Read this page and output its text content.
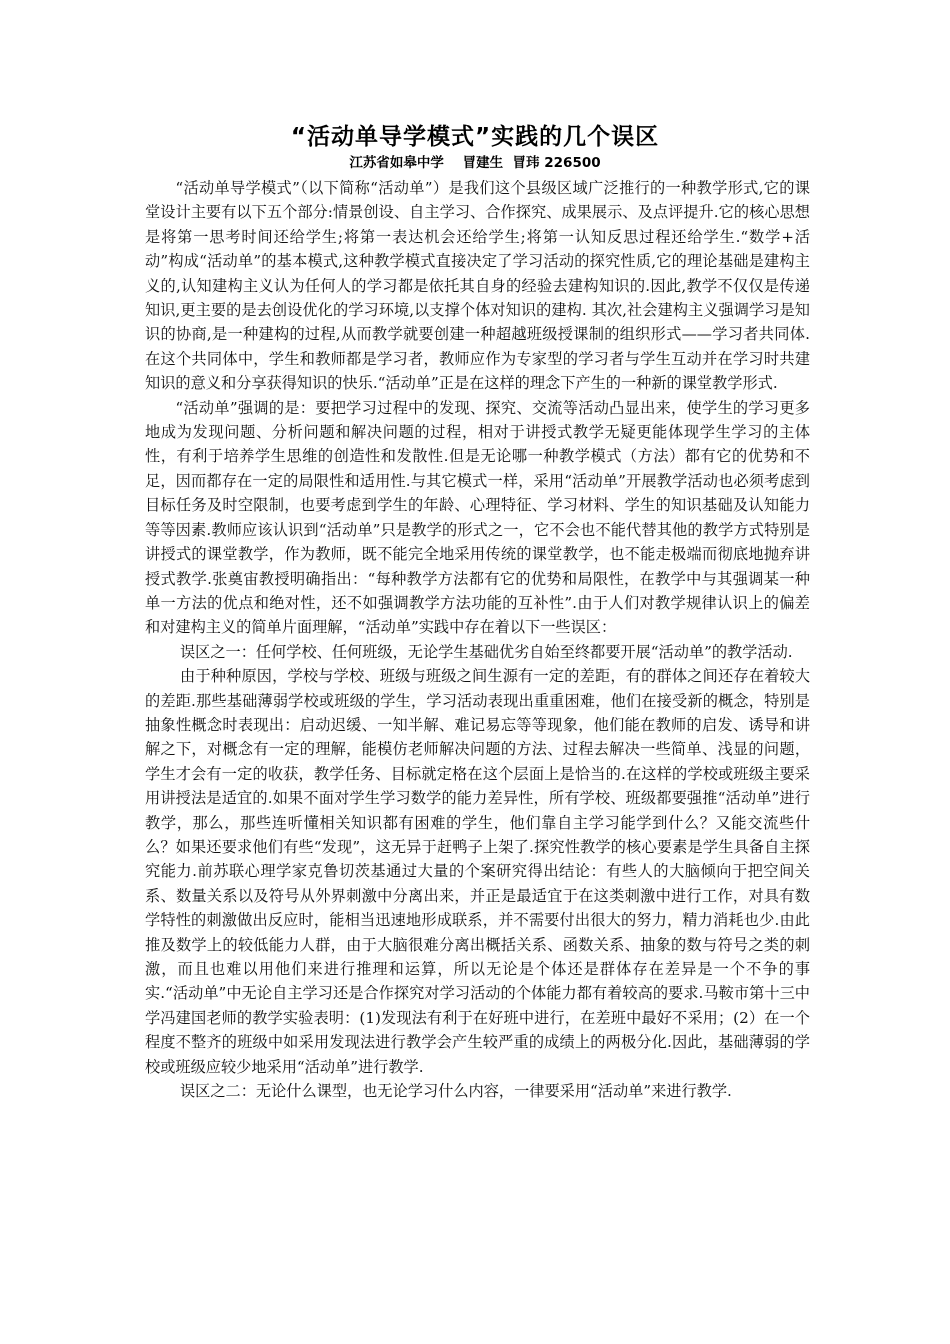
“活动单导学模式”实践的几个误区
江苏省如皋中学    冒建生  冒玮 226500

“活动单导学模式”（以下简称“活动单”）是我们这个县级区域广泛推行的一种教学形式,它的课堂设计主要有以下五个部分:情景创设、自主学习、合作探究、成果展示、及点评提升.它的核心思想是将第一思考时间还给学生;将第一表达机会还给学生;将第一认知反思过程还给学生.“数学+活动”构成“活动单”的基本模式,这种教学模式直接决定了学习活动的探究性质,它的理论基础是建构主义的,认知建构主义认为任何人的学习都是依托其自身的经验去建构知识的.因此,教学不仅仅是传递知识,更主要的是去创设优化的学习环境,以支撑个体对知识的建构. 其次,社会建构主义强调学习是知识的协商,是一种建构的过程,从而教学就要创建一种超越班级授课制的组织形式——学习者共同体.在这个共同体中，学生和教师都是学习者，教师应作为专家型的学习者与学生互动并在学习时共建知识的意义和分享获得知识的快乐.“活动单”正是在这样的理念下产生的一种新的课堂教学形式.

“活动单”强调的是：要把学习过程中的发现、探究、交流等活动凸显出来，使学生的学习更多地成为发现问题、分析问题和解决问题的过程，相对于讲授式教学无疑更能体现学生学习的主体性，有利于培养学生思维的创造性和发散性.但是无论哪一种教学模式（方法）都有它的优势和不足，因而都存在一定的局限性和适用性.与其它模式一样，采用“活动单”开展教学活动也必须考虑到目标任务及时空限制，也要考虑到学生的年龄、心理特征、学习材料、学生的知识基础及认知能力等等因素.教师应该认识到“活动单”只是教学的形式之一，它不会也不能代替其他的教学方式特别是讲授式的课堂教学，作为教师，既不能完全地采用传统的课堂教学，也不能走极端而彻底地抛弃讲授式教学.张奠宙教授明确指出：“每种教学方法都有它的优势和局限性，在教学中与其强调某一种单一方法的优点和绝对性，还不如强调教学方法功能的互补性”.由于人们对教学规律认识上的偏差和对建构主义的简单片面理解，“活动单”实践中存在着以下一些误区：

误区之一：任何学校、任何班级，无论学生基础优劣自始至终都要开展“活动单”的教学活动.

由于种种原因，学校与学校、班级与班级之间生源有一定的差距，有的群体之间还存在着较大的差距.那些基础薄弱学校或班级的学生，学习活动表现出重重困难，他们在接受新的概念，特别是抽象性概念时表现出：启动迟缓、一知半解、难记易忘等等现象，他们能在教师的启发、诱导和讲解之下，对概念有一定的理解，能模仿老师解决问题的方法、过程去解决一些简单、浅显的问题，学生才会有一定的收获，教学任务、目标就定格在这个层面上是恰当的.在这样的学校或班级主要采用讲授法是适宜的.如果不面对学生学习数学的能力差异性，所有学校、班级都要强推“活动单”进行教学，那么，那些连听懂相关知识都有困难的学生，他们靠自主学习能学到什么？又能交流些什么？如果还要求他们有些“发现”，这无异于赶鸭子上架了.探究性教学的核心要素是学生具备自主探究能力.前苏联心理学家克鲁切茨基通过大量的个案研究得出结论：有些人的大脑倾向于把空间关系、数量关系以及符号从外界刺激中分离出来，并正是最适宜于在这类刺激中进行工作，对具有数学特性的刺激做出反应时，能相当迅速地形成联系，并不需要付出很大的努力，精力消耗也少.由此推及数学上的较低能力人群，由于大脑很难分离出概括关系、函数关系、抽象的数与符号之类的刺激，而且也难以用他们来进行推理和运算，所以无论是个体还是群体存在差异是一个不争的事实.“活动单”中无论自主学习还是合作探究对学习活动的个体能力都有着较高的要求.马鞍市第十三中学冯建国老师的教学实验表明：(1)发现法有利于在好班中进行，在差班中最好不采用；(2）在一个程度不整齐的班级中如采用发现法进行教学会产生较严重的成绩上的两极分化.因此，基础薄弱的学校或班级应较少地采用“活动单”进行教学.

误区之二：无论什么课型，也无论学习什么内容，一律要采用“活动单”来进行教学.
